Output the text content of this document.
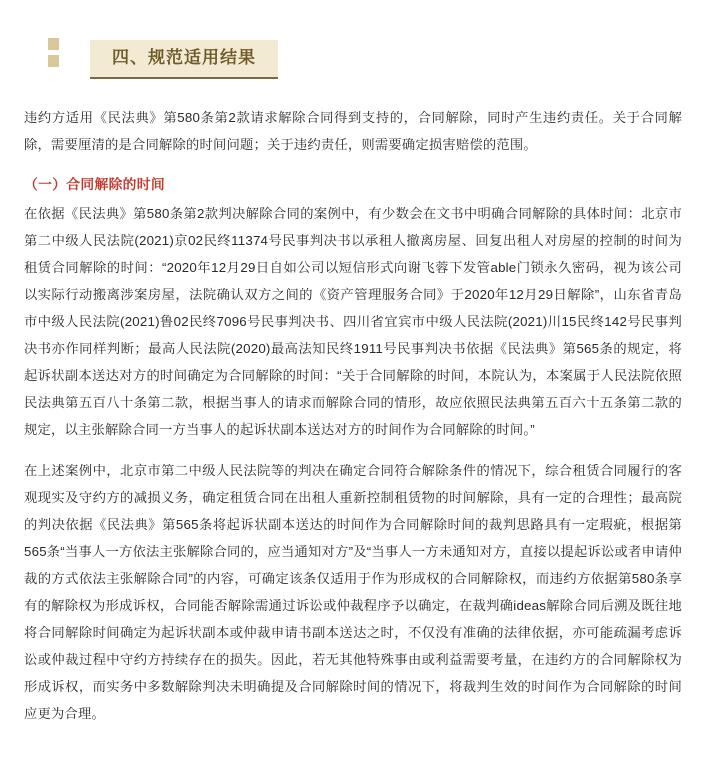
四、规范适用结果

违约方适用《民法典》第580条第2款请求解除合同得到支持的，合同解除，同时产生违约责任。关于合同解除，需要厘清的是合同解除的时间问题；关于违约责任，则需要确定损害赔偿的范围。

（一）合同解除的时间

在依据《民法典》第580条第2款判决解除合同的案例中，有少数会在文书中明确合同解除的具体时间：北京市第二中级人民法院(2021)京02民终11374号民事判决书以承租人撤离房屋、回复出租人对房屋的控制的时间为租赁合同解除的时间：“2020年12月29日自如公司以短信形式向谢飞蓉下发管able门锁永久密码，视为该公司以实际行动搬离涉案房屋，法院确认双方之间的《资产管理服务合同》于2020年12月29日解除”，山东省青岛市中级人民法院(2021)鲁02民终7096号民事判决书、四川省宜宾市中级人民法院(2021)川15民终142号民事判决书亦作同样判断；最高人民法院(2020)最高法知民终1911号民事判决书依据《民法典》第565条的规定，将起诉状副本送达对方的时间确定为合同解除的时间：“关于合同解除的时间，本院认为，本案属于人民法院依照民法典第五百八十条第二款，根据当事人的请求而解除合同的情形，故应依照民法典第五百六十五条第二款的规定，以主张解除合同一方当事人的起诉状副本送达对方的时间作为合同解除的时间。”

在上述案例中，北京市第二中级人民法院等的判决在确定合同符合解除条件的情况下，综合租赁合同履行的客观现实及守约方的减损义务，确定租赁合同在出租人重新控制租赁物的时间解除，具有一定的合理性；最高院的判决依据《民法典》第565条将起诉状副本送达的时间作为合同解除时间的裁判思路具有一定瑕疵，根据第565条“当事人一方依法主张解除合同的，应当通知对方”及“当事人一方未通知对方，直接以提起诉讼或者申请仲裁的方式依法主张解除合同”的内容，可确定该条仅适用于作为形成权的合同解除权，而违约方依据第580条享有的解除权为形成诉权，合同能否解除需通过诉讼或仲裁程序予以确定，在裁判确ideas解除合同后溯及既往地将合同解除时间确定为起诉状副本或仲裁申请书副本送达之时，不仅没有准确的法律依据，亦可能疏漏考虑诉讼或仲裁过程中守约方持续存在的损失。因此，若无其他特殊事由或利益需要考量，在违约方的合同解除权为形成诉权，而实务中多数解除判决未明确提及合同解除时间的情况下，将裁判生效的时间作为合同解除的时间应更为合理。
